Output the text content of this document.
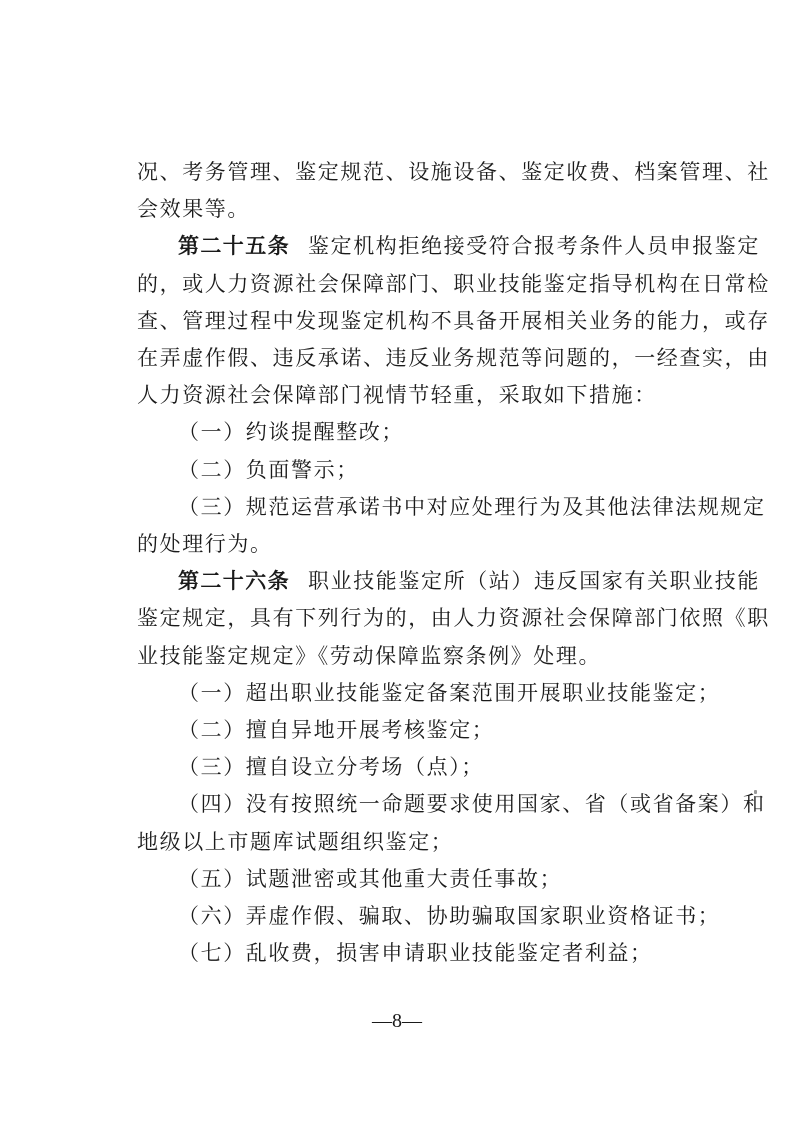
况、考务管理、鉴定规范、设施设备、鉴定收费、档案管理、社
会效果等。
第二十五条 鉴定机构拒绝接受符合报考条件人员申报鉴定
的，或人力资源社会保障部门、职业技能鉴定指导机构在日常检
查、管理过程中发现鉴定机构不具备开展相关业务的能力，或存
在弄虚作假、违反承诺、违反业务规范等问题的，一经查实，由
人力资源社会保障部门视情节轻重，采取如下措施：
（一）约谈提醒整改；
（二）负面警示；
（三）规范运营承诺书中对应处理行为及其他法律法规规定
的处理行为。
第二十六条 职业技能鉴定所（站）违反国家有关职业技能
鉴定规定，具有下列行为的，由人力资源社会保障部门依照《职
业技能鉴定规定》《劳动保障监察条例》处理。
（一）超出职业技能鉴定备案范围开展职业技能鉴定；
（二）擅自异地开展考核鉴定；
（三）擅自设立分考场（点）；
（四）没有按照统一命题要求使用国家、省（或省备案）和
地级以上市题库试题组织鉴定；
（五）试题泄密或其他重大责任事故；
（六）弄虚作假、骗取、协助骗取国家职业资格证书；
（七）乱收费，损害申请职业技能鉴定者利益；
—8—
